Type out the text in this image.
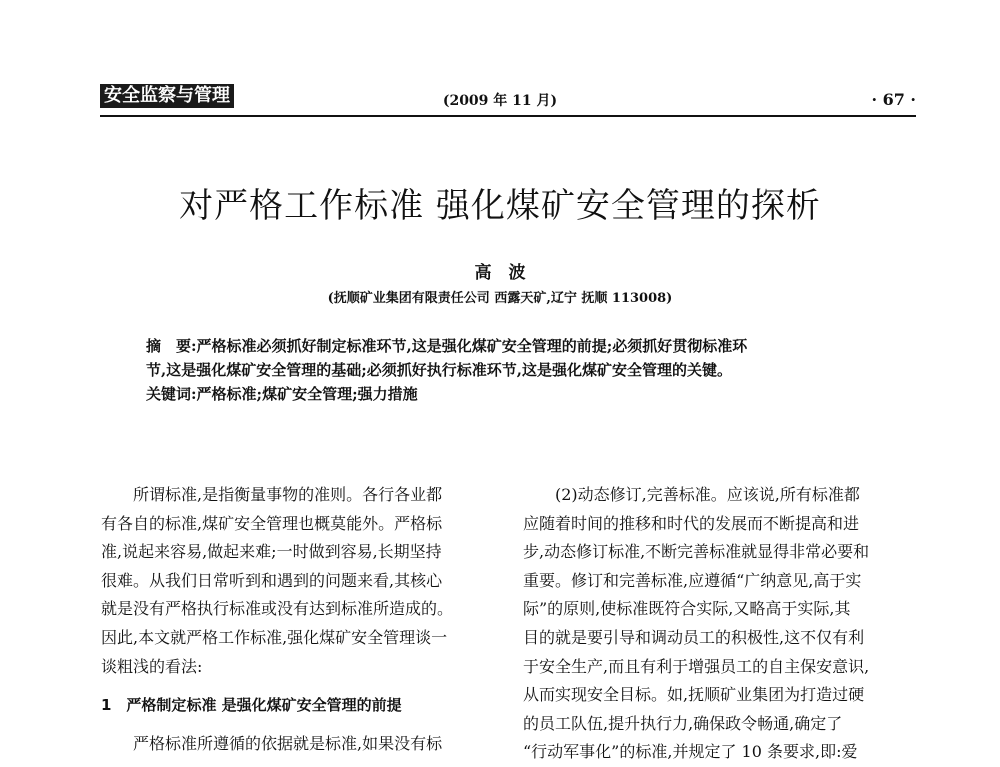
安全监察与管理	(2009 年 11 月)	· 67 ·
对严格工作标准 强化煤矿安全管理的探析
高　波
(抚顺矿业集团有限责任公司 西露天矿,辽宁 抚顺 113008)

摘　要:严格标准必须抓好制定标准环节,这是强化煤矿安全管理的前提;必须抓好贯彻标准环

节,这是强化煤矿安全管理的基础;必须抓好执行标准环节,这是强化煤矿安全管理的关键。

关键词:严格标准;煤矿安全管理;强力措施

　　所谓标准,是指衡量事物的准则。各行各业都

有各自的标准,煤矿安全管理也概莫能外。严格标

准,说起来容易,做起来难;一时做到容易,长期坚持

很难。从我们日常听到和遇到的问题来看,其核心

就是没有严格执行标准或没有达到标准所造成的。

因此,本文就严格工作标准,强化煤矿安全管理谈一

谈粗浅的看法:

1　严格制定标准 是强化煤矿安全管理的前提

　　严格标准所遵循的依据就是标准,如果没有标

　　(2)动态修订,完善标准。应该说,所有标准都

应随着时间的推移和时代的发展而不断提高和进

步,动态修订标准,不断完善标准就显得非常必要和

重要。修订和完善标准,应遵循“广纳意见,高于实

际”的原则,使标准既符合实际,又略高于实际,其

目的就是要引导和调动员工的积极性,这不仅有利

于安全生产,而且有利于增强员工的自主保安意识,

从而实现安全目标。如,抚顺矿业集团为打造过硬

的员工队伍,提升执行力,确保政令畅通,确定了

“行动军事化”的标准,并规定了 10 条要求,即:爱
